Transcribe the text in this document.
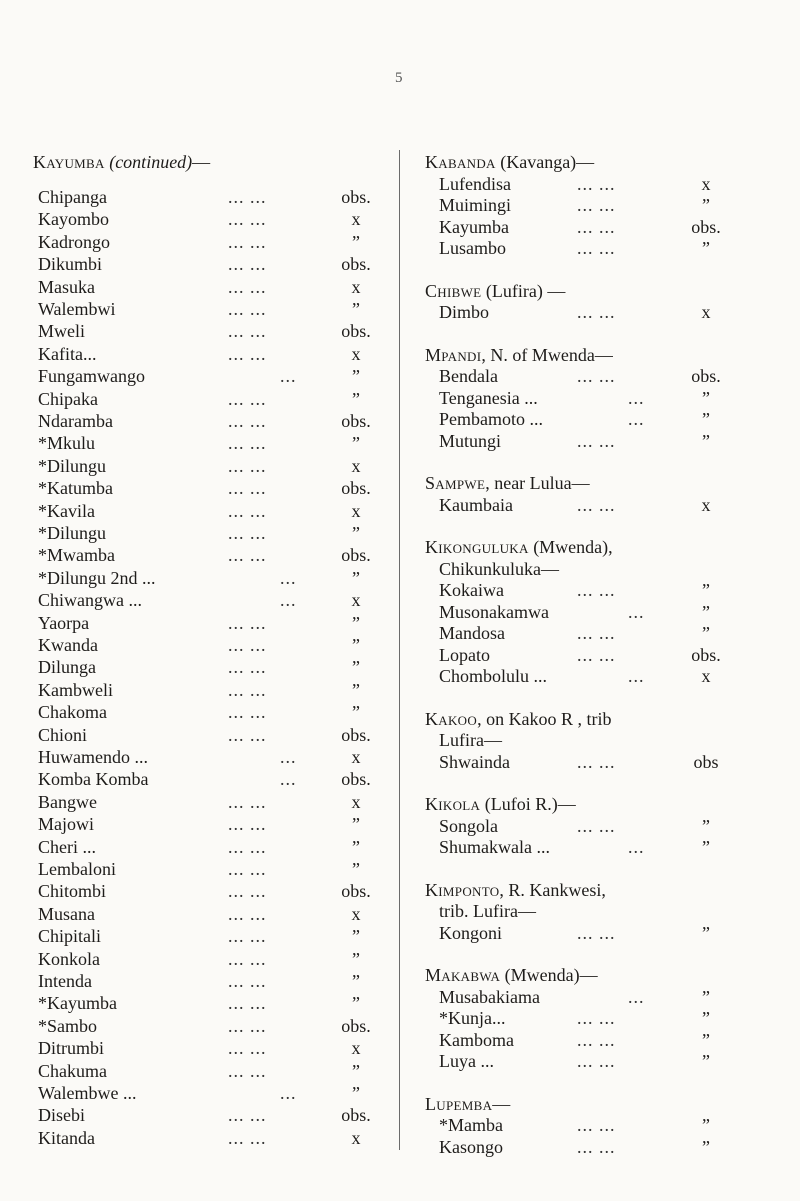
5
Kayumba (continued)—
Chipanga	... ...	obs.
Kayombo	... ...	x
Kadrongo	... ...	”
Dikumbi	... ...	obs.
Masuka	... ...	x
Walembwi	... ...	”
Mweli	... ...	obs.
Kafita...	... ...	x
Fungamwango	...	”
Chipaka	... ...	”
Ndaramba	... ...	obs.
*Mkulu	... ...	”
*Dilungu	... ...	x
*Katumba	... ...	obs.
*Kavila	... ...	x
*Dilungu	... ...	”
*Mwamba	... ...	obs.
*Dilungu 2nd ...	...	”
Chiwangwa ...	...	x
Yaorpa	... ...	”
Kwanda	... ...	”
Dilunga	... ...	”
Kambweli	... ...	”
Chakoma	... ...	”
Chioni	... ...	obs.
Huwamendo ...	...	x
Komba Komba	...	obs.
Bangwe	... ...	x
Majowi	... ...	”
Cheri ...	... ...	”
Lembaloni	... ...	”
Chitombi	... ...	obs.
Musana	... ...	x
Chipitali	... ...	”
Konkola	... ...	”
Intenda	... ...	”
*Kayumba	... ...	”
*Sambo	... ...	obs.
Ditrumbi	... ...	x
Chakuma	... ...	”
Walembwe ...	...	”
Disebi	... ...	obs.
Kitanda	... ...	x
Kabanda (Kavanga)—
Lufendisa	... ...	x
Muimingi	... ...	”
Kayumba	... ...	obs.
Lusambo	... ...	”
Chibwe (Lufira) —
Dimbo	... ...	x
Mpandi, N. of Mwenda—
Bendala	... ...	obs.
Tenganesia ...	...	”
Pembamoto ...	...	”
Mutungi	... ...	”
Sampwe, near Lulua—
Kaumbaia	... ...	x
Kikonguluka (Mwenda),
Chikunkuluka—
Kokaiwa	... ...	”
Musonakamwa	...	”
Mandosa	... ...	”
Lopato	... ...	obs.
Chombolulu ...	...	x
Kakoo, on Kakoo R , trib
Lufira—
Shwainda	... ...	obs
Kikola (Lufoi R.)—
Songola	... ...	”
Shumakwala ...	...	”
Kimponto, R. Kankwesi,
trib. Lufira—
Kongoni	... ...	”
Makabwa (Mwenda)—
Musabakiama	...	”
*Kunja...	... ...	”
Kamboma	... ...	”
Luya ...	... ...	”
Lupemba—
*Mamba	... ...	”
Kasongo	... ...	”
